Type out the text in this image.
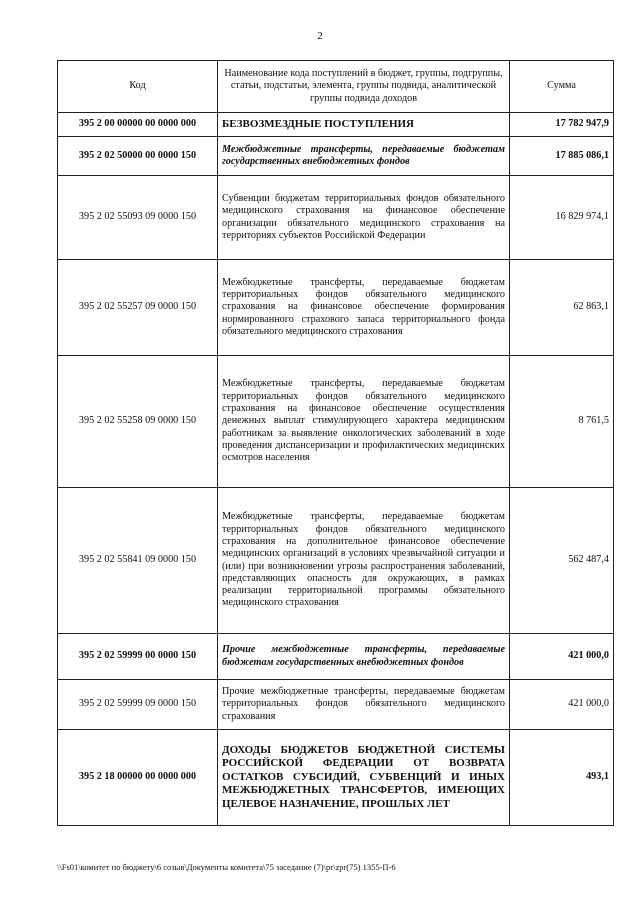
2
Код	Наименование кода поступлений в бюджет, группы, подгруппы, статьи, подстатьи, элемента, группы подвида, аналитической группы подвида доходов	Сумма
395 2 00 00000 00 0000 000	БЕЗВОЗМЕЗДНЫЕ ПОСТУПЛЕНИЯ	17 782 947,9
395 2 02 50000 00 0000 150	Межбюджетные трансферты, передаваемые бюджетам государственных внебюджетных фондов	17 885 086,1
395 2 02 55093 09 0000 150	Субвенции бюджетам территориальных фондов обязательного медицинского страхования на финансовое обеспечение организации обязательного медицинского страхования на территориях субъектов Российской Федерации	16 829 974,1
395 2 02 55257 09 0000 150	Межбюджетные трансферты, передаваемые бюджетам территориальных фондов обязательного медицинского страхования на финансовое обеспечение формирования нормированного страхового запаса территориального фонда обязательного медицинского страхования	62 863,1
395 2 02 55258 09 0000 150	Межбюджетные трансферты, передаваемые бюджетам территориальных фондов обязательного медицинского страхования на финансовое обеспечение осуществления денежных выплат стимулирующего характера медицинским работникам за выявление онкологических заболеваний в ходе проведения диспансеризации и профилактических медицинских осмотров населения	8 761,5
395 2 02 55841 09 0000 150	Межбюджетные трансферты, передаваемые бюджетам территориальных фондов обязательного медицинского страхования на дополнительное финансовое обеспечение медицинских организаций в условиях чрезвычайной ситуации и (или) при возникновении угрозы распространения заболеваний, представляющих опасность для окружающих, в рамках реализации территориальной программы обязательного медицинского страхования	562 487,4
395 2 02 59999 00 0000 150	Прочие межбюджетные трансферты, передаваемые бюджетам государственных внебюджетных фондов	421 000,0
395 2 02 59999 09 0000 150	Прочие межбюджетные трансферты, передаваемые бюджетам территориальных фондов обязательного медицинского страхования	421 000,0
395 2 18 00000 00 0000 000	ДОХОДЫ БЮДЖЕТОВ БЮДЖЕТНОЙ СИСТЕМЫ РОССИЙСКОЙ ФЕДЕРАЦИИ ОТ ВОЗВРАТА ОСТАТКОВ СУБСИДИЙ, СУБВЕНЦИЙ И ИНЫХ МЕЖБЮДЖЕТНЫХ ТРАНСФЕРТОВ, ИМЕЮЩИХ ЦЕЛЕВОЕ НАЗНАЧЕНИЕ, ПРОШЛЫХ ЛЕТ	493,1
\\Fs01\комитет по бюджету\6 созыв\Документы комитета\75 заседание (7)\pr\zpr(75) 1355-П-6
